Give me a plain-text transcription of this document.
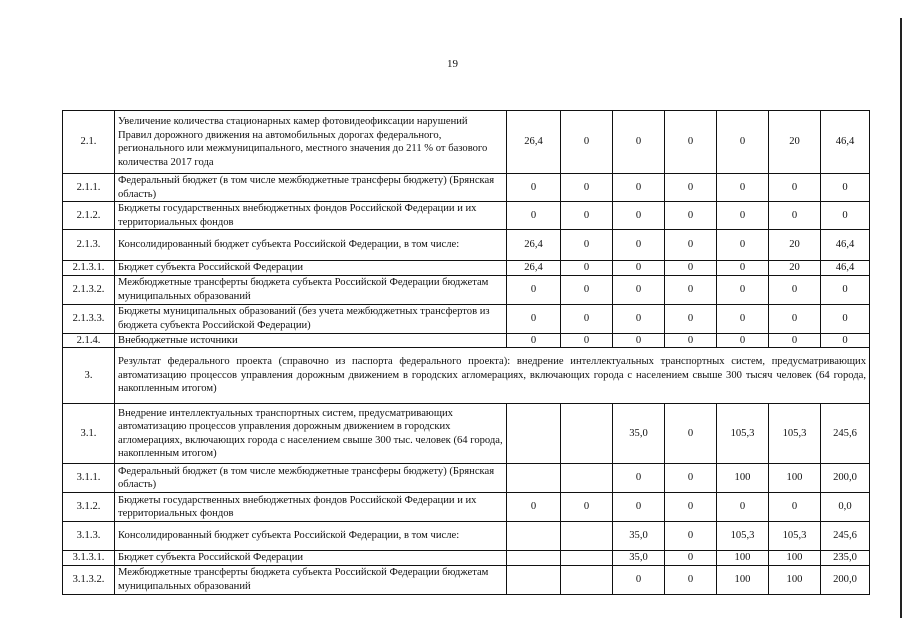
19
2.1.	Увеличение количества стационарных камер фотовидеофиксации нарушений Правил дорожного движения на автомобильных дорогах федерального, регионального или межмуниципального, местного значения до 211 % от базового количества 2017 года	26,4	0	0	0	0	20	46,4
2.1.1.	Федеральный бюджет (в том числе межбюджетные трансферы бюджету) (Брянская область)	0	0	0	0	0	0	0
2.1.2.	Бюджеты государственных внебюджетных фондов Российской Федерации и их территориальных фондов	0	0	0	0	0	0	0
2.1.3.	Консолидированный бюджет субъекта Российской Федерации, в том числе:	26,4	0	0	0	0	20	46,4
2.1.3.1.	Бюджет субъекта Российской Федерации	26,4	0	0	0	0	20	46,4
2.1.3.2.	Межбюджетные трансферты бюджета субъекта Российской Федерации бюджетам муниципальных образований	0	0	0	0	0	0	0
2.1.3.3.	Бюджеты муниципальных образований (без учета межбюджетных трансфертов из бюджета субъекта Российской Федерации)	0	0	0	0	0	0	0
2.1.4.	Внебюджетные источники	0	0	0	0	0	0	0
3.	Результат федерального проекта (справочно из паспорта федерального проекта): внедрение интеллектуальных транспортных систем, предусматривающих автоматизацию процессов управления дорожным движением в городских агломерациях, включающих города с населением свыше 300 тысяч человек (64 города, накопленным итогом)							
3.1.	Внедрение интеллектуальных транспортных систем, предусматривающих автоматизацию процессов управления дорожным движением в городских агломерациях, включающих города с населением свыше 300 тыс. человек (64 города, накопленным итогом)			35,0	0	105,3	105,3	245,6
3.1.1.	Федеральный бюджет (в том числе межбюджетные трансферы бюджету) (Брянская область)			0	0	100	100	200,0
3.1.2.	Бюджеты государственных внебюджетных фондов Российской Федерации и их территориальных фондов	0	0	0	0	0	0	0,0
3.1.3.	Консолидированный бюджет субъекта Российской Федерации, в том числе:			35,0	0	105,3	105,3	245,6
3.1.3.1.	Бюджет субъекта Российской Федерации			35,0	0	100	100	235,0
3.1.3.2.	Межбюджетные трансферты бюджета субъекта Российской Федерации бюджетам муниципальных образований			0	0	100	100	200,0
